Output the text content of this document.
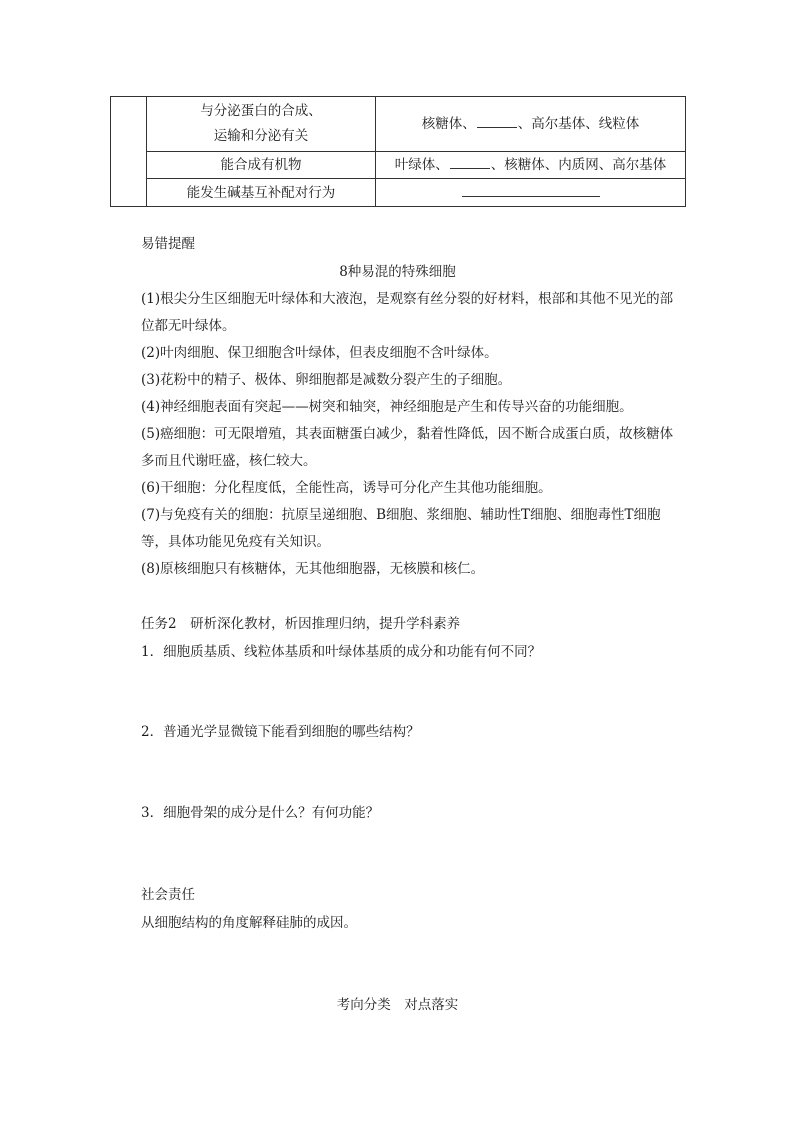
	与分泌蛋白的合成、
运输和分泌有关	核糖体、 、高尔基体、线粒体
	能合成有机物	叶绿体、 、核糖体、内质网、高尔基体
	能发生碱基互补配对行为	
易错提醒
8种易混的特殊细胞
(1)根尖分生区细胞无叶绿体和大液泡，是观察有丝分裂的好材料，根部和其他不见光的部位都无叶绿体。
(2)叶肉细胞、保卫细胞含叶绿体，但表皮细胞不含叶绿体。
(3)花粉中的精子、极体、卵细胞都是减数分裂产生的子细胞。
(4)神经细胞表面有突起——树突和轴突，神经细胞是产生和传导兴奋的功能细胞。
(5)癌细胞：可无限增殖，其表面糖蛋白减少，黏着性降低，因不断合成蛋白质，故核糖体多而且代谢旺盛，核仁较大。
(6)干细胞：分化程度低，全能性高，诱导可分化产生其他功能细胞。
(7)与免疫有关的细胞：抗原呈递细胞、B细胞、浆细胞、辅助性T细胞、细胞毒性T细胞等，具体功能见免疫有关知识。
(8)原核细胞只有核糖体，无其他细胞器，无核膜和核仁。
任务2　研析深化教材，析因推理归纳，提升学科素养
1．细胞质基质、线粒体基质和叶绿体基质的成分和功能有何不同？
2．普通光学显微镜下能看到细胞的哪些结构？
3．细胞骨架的成分是什么？有何功能？
社会责任
从细胞结构的角度解释硅肺的成因。
考向分类　对点落实
